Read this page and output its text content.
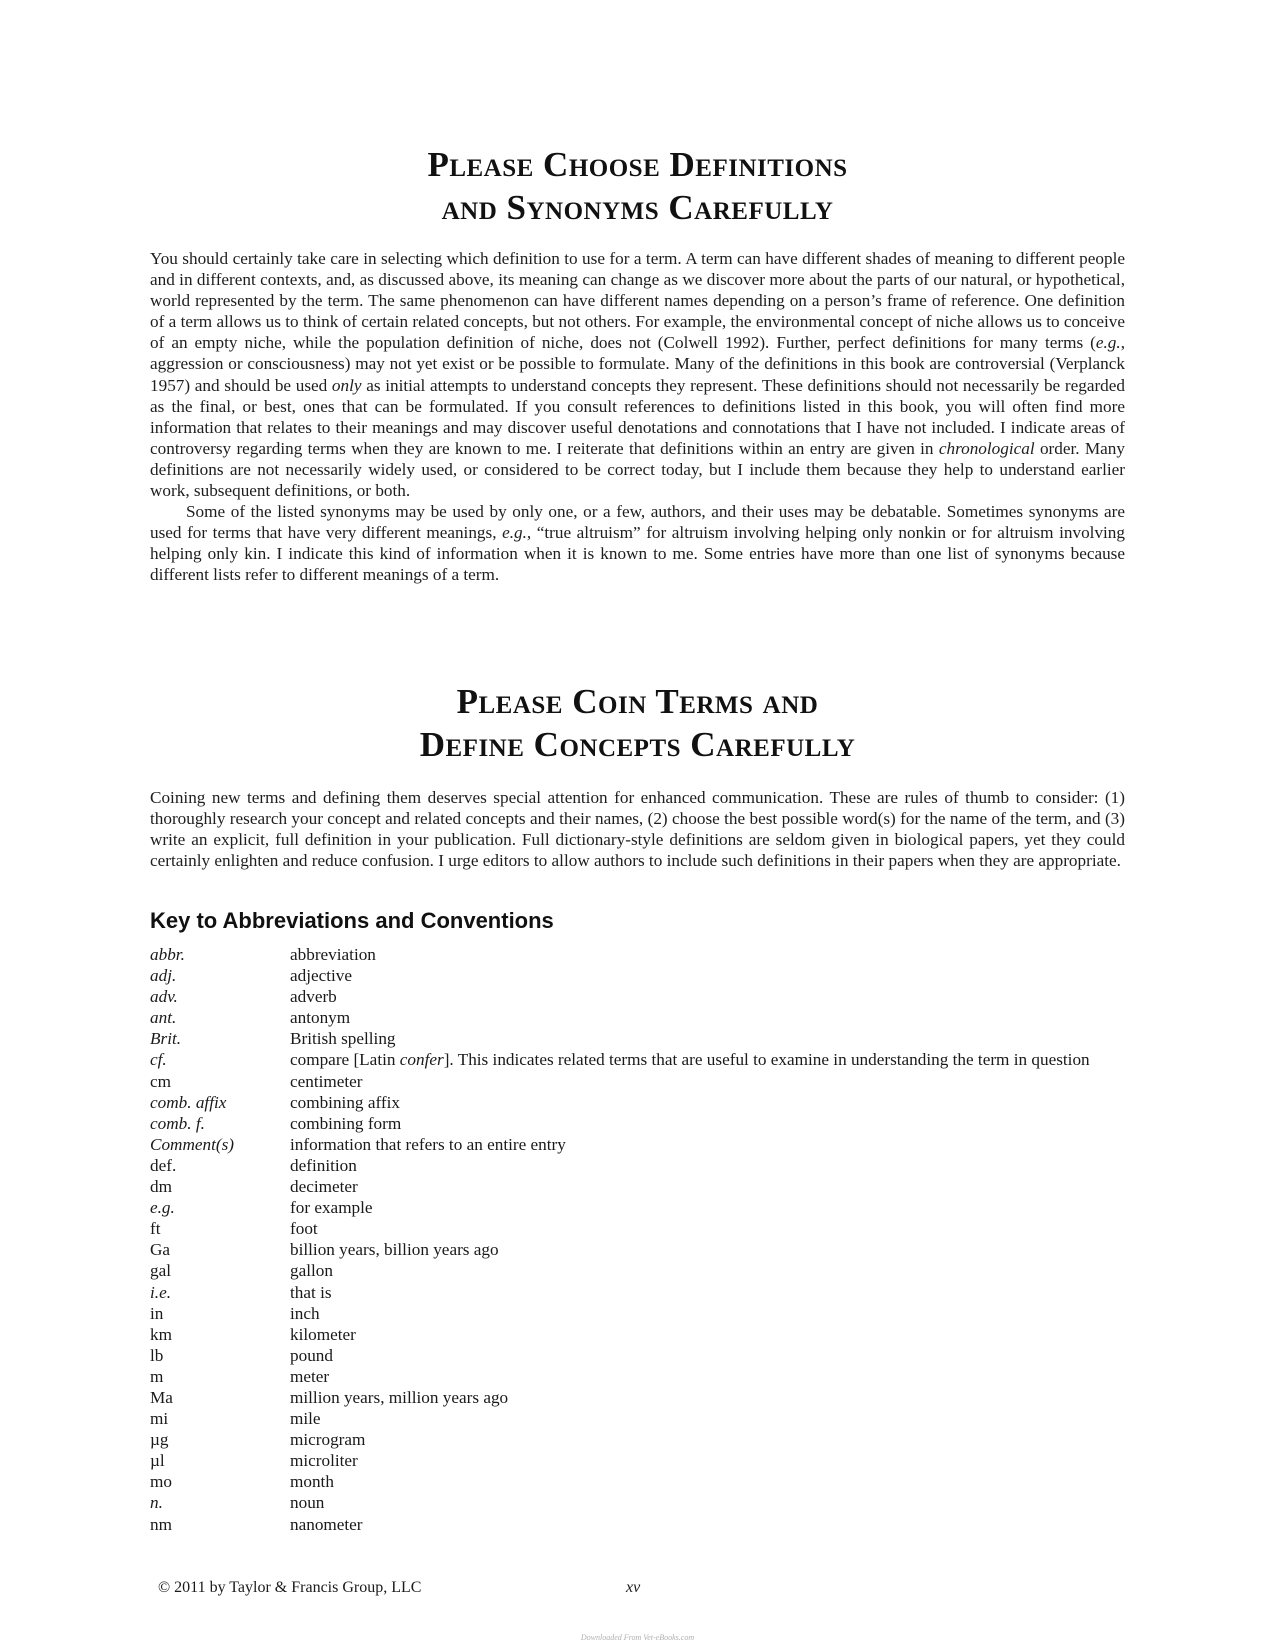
Please Choose Definitions
and Synonyms Carefully

You should certainly take care in selecting which definition to use for a term. A term can have different shades of meaning to different people and in different contexts, and, as discussed above, its meaning can change as we discover more about the parts of our natural, or hypothetical, world represented by the term. The same phenomenon can have different names depending on a person’s frame of reference. One definition of a term allows us to think of certain related concepts, but not others. For example, the environmental concept of niche allows us to conceive of an empty niche, while the population definition of niche, does not (Colwell 1992). Further, perfect definitions for many terms (e.g., aggression or consciousness) may not yet exist or be possible to formulate. Many of the definitions in this book are controversial (Verplanck 1957) and should be used only as initial attempts to understand concepts they represent. These definitions should not necessarily be regarded as the final, or best, ones that can be formulated. If you consult references to definitions listed in this book, you will often find more information that relates to their meanings and may discover useful denotations and connotations that I have not included. I indicate areas of controversy regarding terms when they are known to me. I reiterate that definitions within an entry are given in chronological order. Many definitions are not necessarily widely used, or considered to be correct today, but I include them because they help to understand earlier work, subsequent definitions, or both.

Some of the listed synonyms may be used by only one, or a few, authors, and their uses may be debatable. Sometimes synonyms are used for terms that have very different meanings, e.g., “true altruism” for altruism involving helping only nonkin or for altruism involving helping only kin. I indicate this kind of information when it is known to me. Some entries have more than one list of synonyms because different lists refer to different meanings of a term.

Please Coin Terms and
Define Concepts Carefully

Coining new terms and defining them deserves special attention for enhanced communication. These are rules of thumb to consider: (1) thoroughly research your concept and related concepts and their names, (2) choose the best possible word(s) for the name of the term, and (3) write an explicit, full definition in your publication. Full dictionary-style definitions are seldom given in biological papers, yet they could certainly enlighten and reduce confusion. I urge editors to allow authors to include such definitions in their papers when they are appropriate.

Key to Abbreviations and Conventions
abbr.	abbreviation
adj.	adjective
adv.	adverb
ant.	antonym
Brit.	British spelling
cf.	compare [Latin confer]. This indicates related terms that are useful to examine in understanding the term in question
cm	centimeter
comb. affix	combining affix
comb. f.	combining form
Comment(s)	information that refers to an entire entry
def.	definition
dm	decimeter
e.g.	for example
ft	foot
Ga	billion years, billion years ago
gal	gallon
i.e.	that is
in	inch
km	kilometer
lb	pound
m	meter
Ma	million years, million years ago
mi	mile
µg	microgram
µl	microliter
mo	month
n.	noun
nm	nanometer
© 2011 by Taylor & Francis Group, LLC	xv
Downloaded From Vet-eBooks.com
